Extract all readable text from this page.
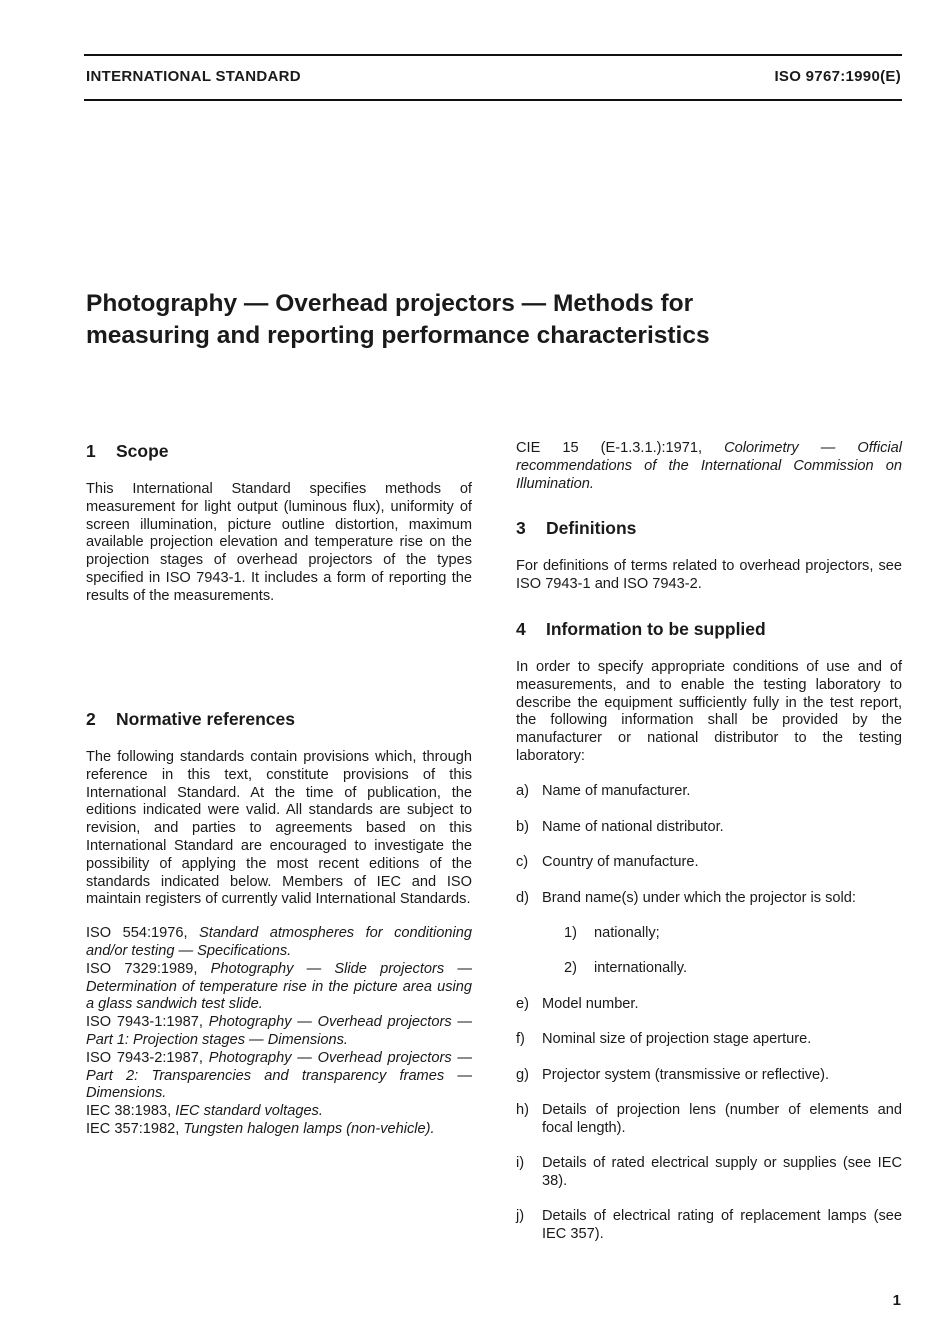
INTERNATIONAL STANDARD	ISO 9767:1990(E)
Photography — Overhead projectors — Methods for
measuring and reporting performance characteristics
1 Scope

This International Standard specifies methods of measurement for light output (luminous flux), uniformity of screen illumination, picture outline distortion, maximum available projection elevation and temperature rise on the projection stages of overhead projectors of the types specified in ISO 7943-1. It includes a form of reporting the results of the measurements.

2 Normative references

The following standards contain provisions which, through reference in this text, constitute provisions of this International Standard. At the time of publication, the editions indicated were valid. All standards are subject to revision, and parties to agreements based on this International Standard are encouraged to investigate the possibility of applying the most recent editions of the standards indicated below. Members of IEC and ISO maintain registers of currently valid International Standards.

ISO 554:1976, Standard atmospheres for conditioning and/or testing — Specifications.

ISO 7329:1989, Photography — Slide projectors — Determination of temperature rise in the picture area using a glass sandwich test slide.

ISO 7943-1:1987, Photography — Overhead projectors — Part 1: Projection stages — Dimensions.

ISO 7943-2:1987, Photography — Overhead projectors — Part 2: Transparencies and transparency frames — Dimensions.

IEC 38:1983, IEC standard voltages.

IEC 357:1982, Tungsten halogen lamps (non-vehicle).

CIE 15 (E-1.3.1.):1971, Colorimetry — Official recommendations of the International Commission on Illumination.

3 Definitions

For definitions of terms related to overhead projectors, see ISO 7943-1 and ISO 7943-2.

4 Information to be supplied

In order to specify appropriate conditions of use and of measurements, and to enable the testing laboratory to describe the equipment sufficiently fully in the test report, the following information shall be provided by the manufacturer or national distributor to the testing laboratory:

a) Name of manufacturer.
b) Name of national distributor.
c) Country of manufacture.
d) Brand name(s) under which the projector is sold:
1)	nationally;
2)	internationally.
e) Model number.
f)	Nominal size of projection stage aperture.
g) Projector system (transmissive or reflective).
h) Details of projection lens (number of elements and focal length).
i)	Details of rated electrical supply or supplies (see IEC 38).
j)	Details of electrical rating of replacement lamps (see IEC 357).
1
